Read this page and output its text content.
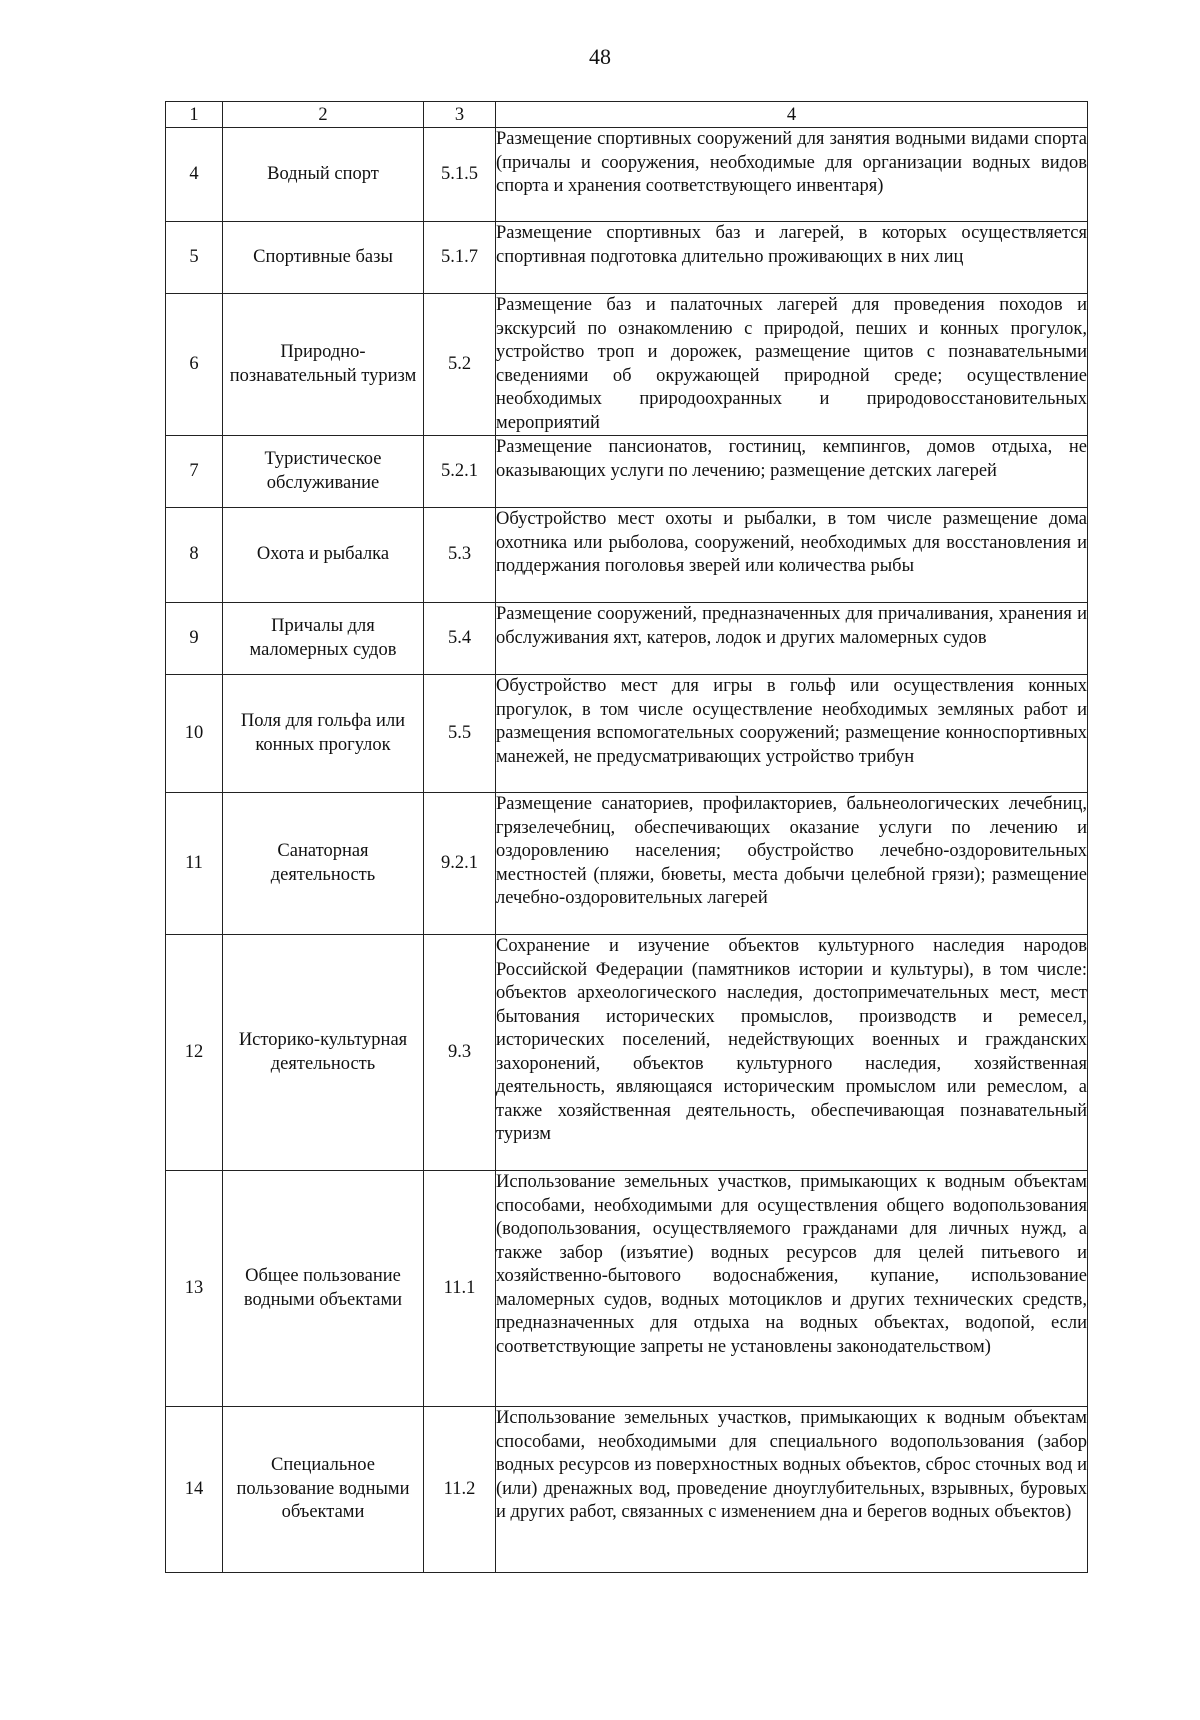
48
1	2	3	4
4	Водный спорт	5.1.5	Размещение спортивных сооружений для занятия водными видами спорта (причалы и сооружения, необходимые для организации водных видов спорта и хранения соответствующего инвентаря)
5	Спортивные базы	5.1.7	Размещение спортивных баз и лагерей, в которых осуществляется спортивная подготовка длительно проживающих в них лиц
6	Природно-познавательный туризм	5.2	Размещение баз и палаточных лагерей для проведения походов и экскурсий по ознакомлению с природой, пеших и конных прогулок, устройство троп и дорожек, размещение щитов с познавательными сведениями об окружающей природной среде; осуществление необходимых природоохранных и природовосстановительных мероприятий
7	Туристическое обслуживание	5.2.1	Размещение пансионатов, гостиниц, кемпингов, домов отдыха, не оказывающих услуги по лечению; размещение детских лагерей
8	Охота и рыбалка	5.3	Обустройство мест охоты и рыбалки, в том числе размещение дома охотника или рыболова, сооружений, необходимых для восстановления и поддержания поголовья зверей или количества рыбы
9	Причалы для маломерных судов	5.4	Размещение сооружений, предназначенных для причаливания, хранения и обслуживания яхт, катеров, лодок и других маломерных судов
10	Поля для гольфа или конных прогулок	5.5	Обустройство мест для игры в гольф или осуществления конных прогулок, в том числе осуществление необходимых земляных работ и размещения вспомогательных сооружений; размещение конноспортивных манежей, не предусматривающих устройство трибун
11	Санаторная деятельность	9.2.1	Размещение санаториев, профилакториев, бальнеологических лечебниц, грязелечебниц, обеспечивающих оказание услуги по лечению и оздоровлению населения; обустройство лечебно-оздоровительных местностей (пляжи, бюветы, места добычи целебной грязи); размещение лечебно-оздоровительных лагерей
12	Историко-культурная деятельность	9.3	Сохранение и изучение объектов культурного наследия народов Российской Федерации (памятников истории и культуры), в том числе: объектов археологического наследия, достопримечательных мест, мест бытования исторических промыслов, производств и ремесел, исторических поселений, недействующих военных и гражданских захоронений, объектов культурного наследия, хозяйственная деятельность, являющаяся историческим промыслом или ремеслом, а также хозяйственная деятельность, обеспечивающая познавательный туризм
13	Общее пользование водными объектами	11.1	Использование земельных участков, примыкающих к водным объектам способами, необходимыми для осуществления общего водопользования (водопользования, осуществляемого гражданами для личных нужд, а также забор (изъятие) водных ресурсов для целей питьевого и хозяйственно-бытового водоснабжения, купание, использование маломерных судов, водных мотоциклов и других технических средств, предназначенных для отдыха на водных объектах, водопой, если соответствующие запреты не установлены законодательством)
14	Специальное пользование водными объектами	11.2	Использование земельных участков, примыкающих к водным объектам способами, необходимыми для специального водопользования (забор водных ресурсов из поверхностных водных объектов, сброс сточных вод и (или) дренажных вод, проведение дноуглубительных, взрывных, буровых и других работ, связанных с изменением дна и берегов водных объектов)
